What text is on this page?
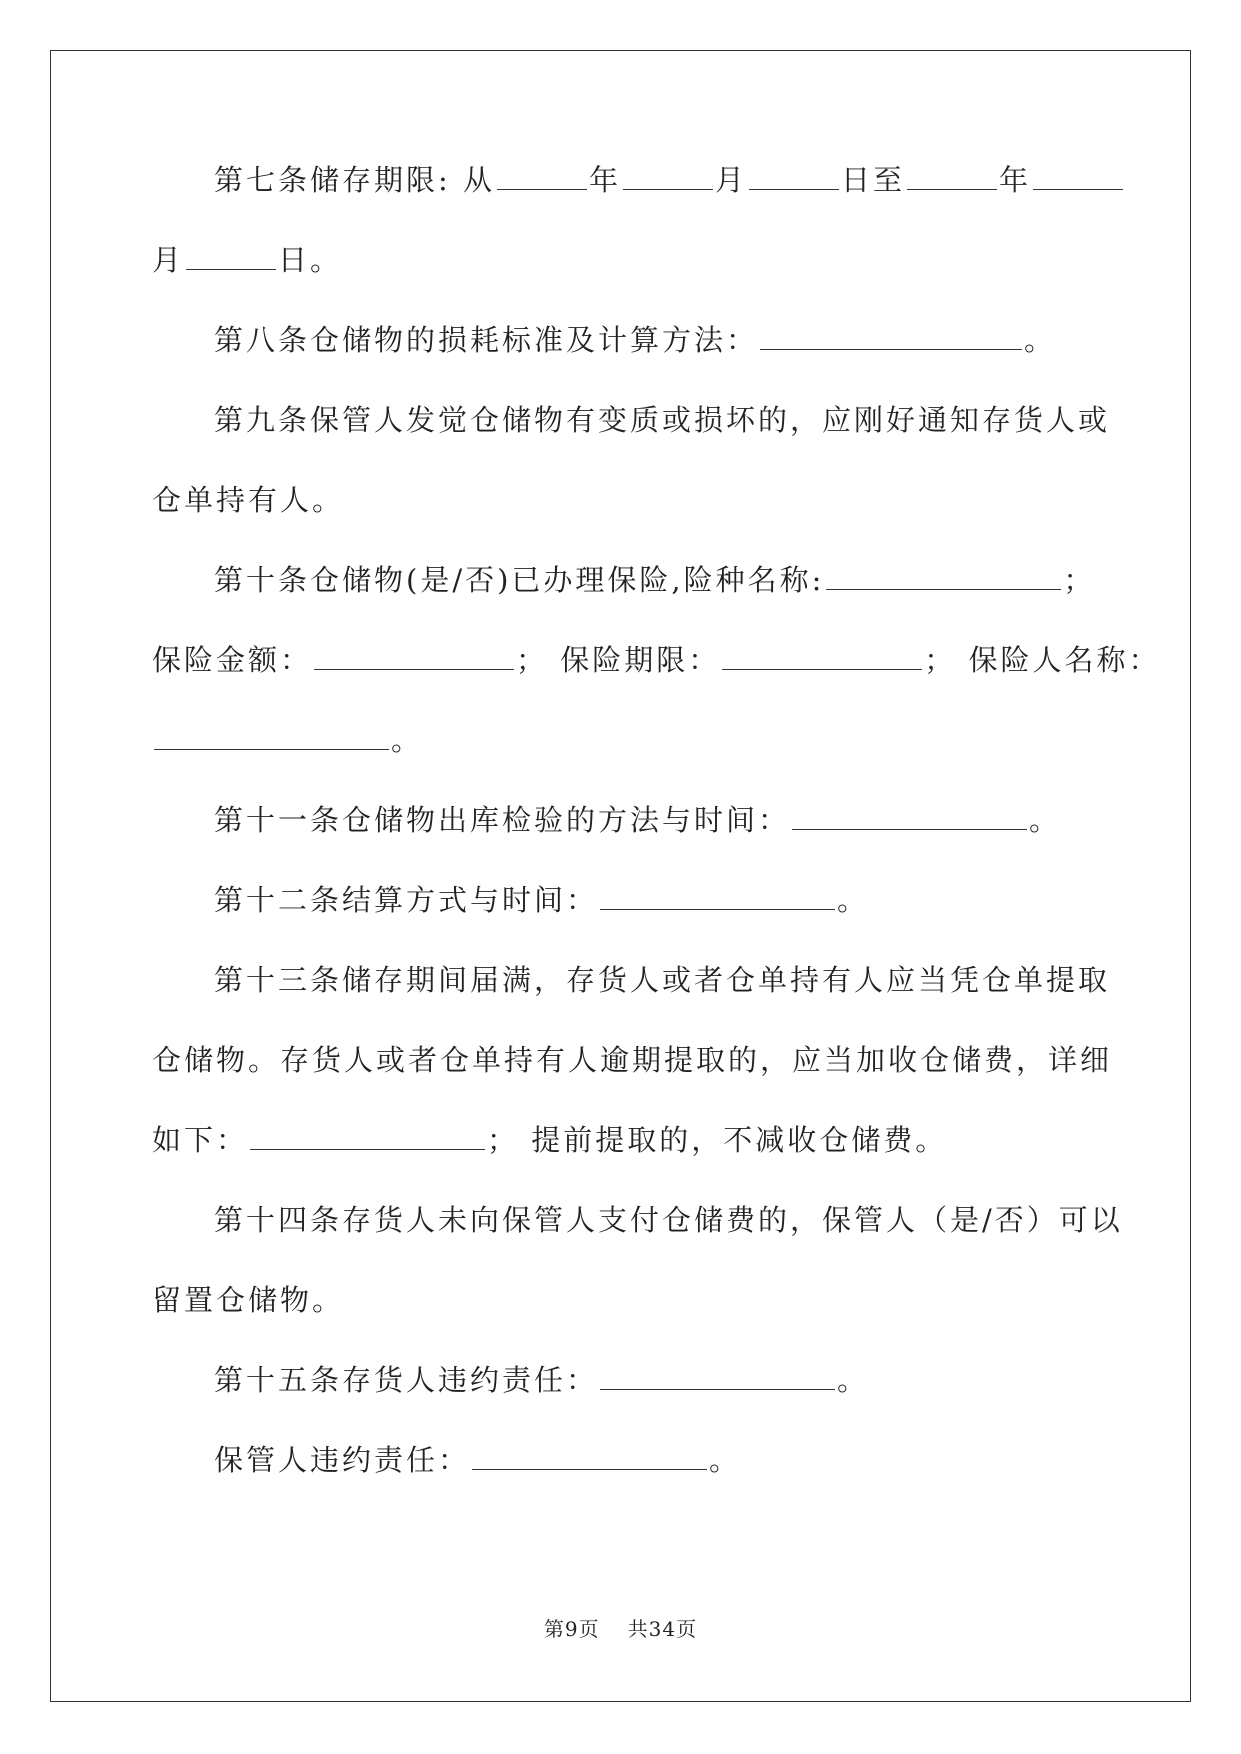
第七条储存期限: 从	年	月	日至	年
月	日。
第八条仓储物的损耗标准及计算方法：	。
第九条保管人发觉仓储物有变质或损坏的，应刚好通知存货人或
仓单持有人。
第十条仓储物(是/否)已办理保险,险种名称:	；
保险金额：	； 保险期限：	； 保险人名称：
。
第十一条仓储物出库检验的方法与时间：	。
第十二条结算方式与时间：	。
第十三条储存期间届满，存货人或者仓单持有人应当凭仓单提取
仓储物。存货人或者仓单持有人逾期提取的，应当加收仓储费，详细
如下：	； 提前提取的，不减收仓储费。
第十四条存货人未向保管人支付仓储费的，保管人（是/否）可以
留置仓储物。
第十五条存货人违约责任：	。
保管人违约责任：	。
第9页 共34页
